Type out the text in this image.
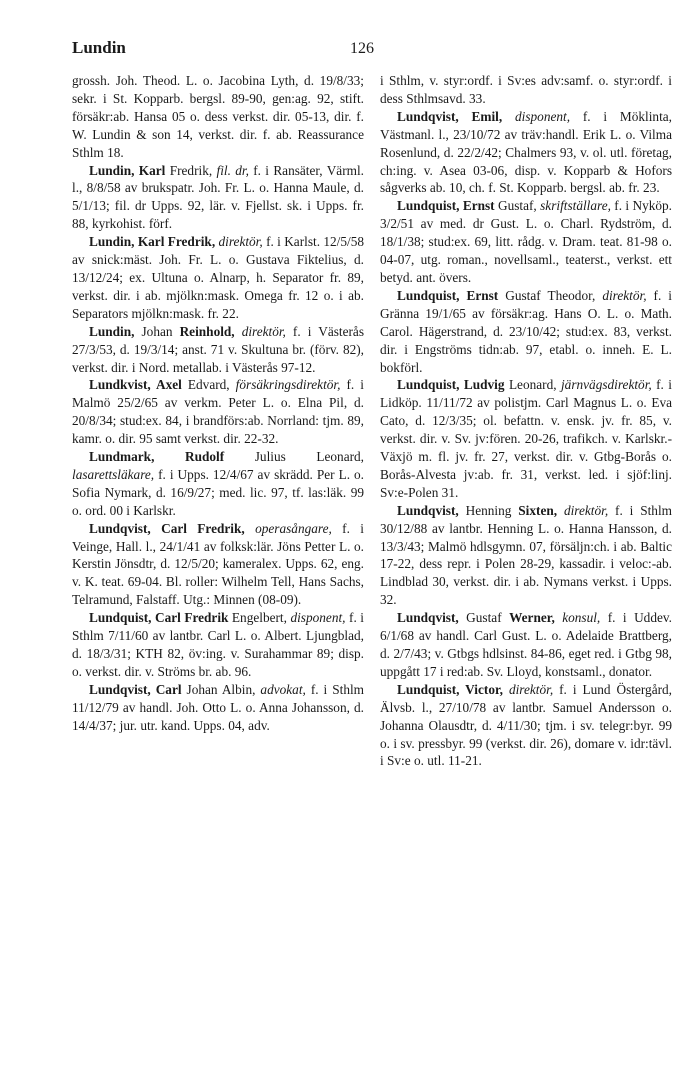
Lundin	126

grossh. Joh. Theod. L. o. Jacobina Lyth, d. 19/8/33; sekr. i St. Kopparb. bergsl. 89-90, gen:ag. 92, stift. försäkr:ab. Hansa 05 o. dess verkst. dir. 05-13, dir. f. W. Lundin & son 14, verkst. dir. f. ab. Reassurance Sthlm 18.

Lundin, Karl Fredrik, fil. dr, f. i Ransäter, Värml. l., 8/8/58 av brukspatr. Joh. Fr. L. o. Hanna Maule, d. 5/1/13; fil. dr Upps. 92, lär. v. Fjellst. sk. i Upps. fr. 88, kyrkohist. förf.

Lundin, Karl Fredrik, direktör, f. i Karlst. 12/5/58 av snick:mäst. Joh. Fr. L. o. Gustava Fiktelius, d. 13/12/24; ex. Ultuna o. Alnarp, h. Separator fr. 89, verkst. dir. i ab. mjölkn:mask. Omega fr. 12 o. i ab. Separators mjölkn:mask. fr. 22.

Lundin, Johan Reinhold, direktör, f. i Västerås 27/3/53, d. 19/3/14; anst. 71 v. Skultuna br. (förv. 82), verkst. dir. i Nord. metallab. i Västerås 97-12.

Lundkvist, Axel Edvard, försäkringsdirektör, f. i Malmö 25/2/65 av verkm. Peter L. o. Elna Pil, d. 20/8/34; stud:ex. 84, i brandförs:ab. Norrland: tjm. 89, kamr. o. dir. 95 samt verkst. dir. 22-32.

Lundmark, Rudolf Julius Leonard, lasarettsläkare, f. i Upps. 12/4/67 av skrädd. Per L. o. Sofia Nymark, d. 16/9/27; med. lic. 97, tf. las:läk. 99 o. ord. 00 i Karlskr.

Lundqvist, Carl Fredrik, operasångare, f. i Veinge, Hall. l., 24/1/41 av folksk:lär. Jöns Petter L. o. Kerstin Jönsdtr, d. 12/5/20; kameralex. Upps. 62, eng. v. K. teat. 69-04. Bl. roller: Wilhelm Tell, Hans Sachs, Telramund, Falstaff. Utg.: Minnen (08-09).

Lundquist, Carl Fredrik Engelbert, disponent, f. i Sthlm 7/11/60 av lantbr. Carl L. o. Albert. Ljungblad, d. 18/3/31; KTH 82, öv:ing. v. Surahammar 89; disp. o. verkst. dir. v. Ströms br. ab. 96.

Lundqvist, Carl Johan Albin, advokat, f. i Sthlm 11/12/79 av handl. Joh. Otto L. o. Anna Johansson, d. 14/4/37; jur. utr. kand. Upps. 04, adv.

i Sthlm, v. styr:ordf. i Sv:es adv:samf. o. styr:ordf. i dess Sthlmsavd. 33.

Lundqvist, Emil, disponent, f. i Möklinta, Västmanl. l., 23/10/72 av träv:handl. Erik L. o. Vilma Rosenlund, d. 22/2/42; Chalmers 93, v. ol. utl. företag, ch:ing. v. Asea 03-06, disp. v. Kopparb & Hofors sågverks ab. 10, ch. f. St. Kopparb. bergsl. ab. fr. 23.

Lundquist, Ernst Gustaf, skriftställare, f. i Nyköp. 3/2/51 av med. dr Gust. L. o. Charl. Rydström, d. 18/1/38; stud:ex. 69, litt. rådg. v. Dram. teat. 81-98 o. 04-07, utg. roman., novellsaml., teaterst., verkst. ett betyd. ant. övers.

Lundquist, Ernst Gustaf Theodor, direktör, f. i Gränna 19/1/65 av försäkr:ag. Hans O. L. o. Math. Carol. Hägerstrand, d. 23/10/42; stud:ex. 83, verkst. dir. i Engströms tidn:ab. 97, etabl. o. inneh. E. L. bokförl.

Lundquist, Ludvig Leonard, järnvägsdirektör, f. i Lidköp. 11/11/72 av polistjm. Carl Magnus L. o. Eva Cato, d. 12/3/35; ol. befattn. v. ensk. jv. fr. 85, v. verkst. dir. v. Sv. jv:fören. 20-26, trafikch. v. Karlskr.-Växjö m. fl. jv. fr. 27, verkst. dir. v. Gtbg-Borås o. Borås-Alvesta jv:ab. fr. 31, verkst. led. i sjöf:linj. Sv:e-Polen 31.

Lundqvist, Henning Sixten, direktör, f. i Sthlm 30/12/88 av lantbr. Henning L. o. Hanna Hansson, d. 13/3/43; Malmö hdlsgymn. 07, försäljn:ch. i ab. Baltic 17-22, dess repr. i Polen 28-29, kassadir. i veloc:-ab. Lindblad 30, verkst. dir. i ab. Nymans verkst. i Upps. 32.

Lundqvist, Gustaf Werner, konsul, f. i Uddev. 6/1/68 av handl. Carl Gust. L. o. Adelaide Brattberg, d. 2/7/43; v. Gtbgs hdlsinst. 84-86, eget red. i Gtbg 98, uppgått 17 i red:ab. Sv. Lloyd, konstsaml., donator.

Lundquist, Victor, direktör, f. i Lund Östergård, Älvsb. l., 27/10/78 av lantbr. Samuel Andersson o. Johanna Olausdtr, d. 4/11/30; tjm. i sv. telegr:byr. 99 o. i sv. pressbyr. 99 (verkst. dir. 26), domare v. idr:tävl. i Sv:e o. utl. 11-21.
